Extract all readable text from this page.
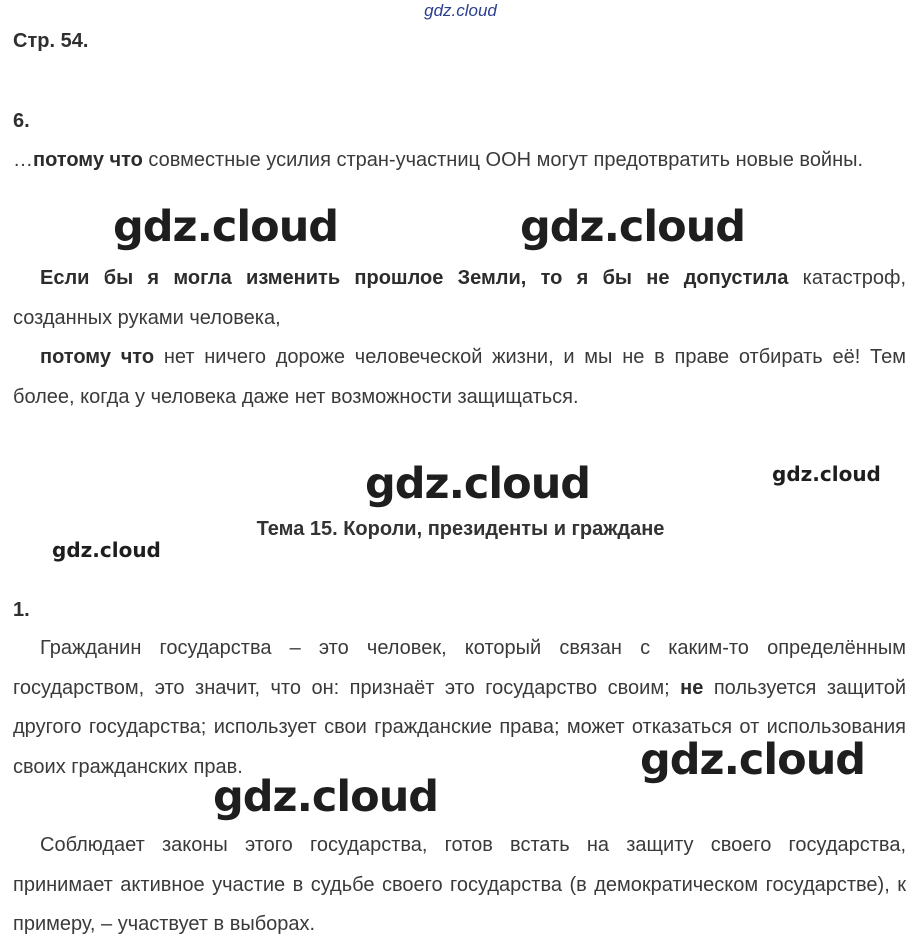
gdz.cloud
Стр. 54.
6.
…потому что совместные усилия стран-участниц ООН могут предотвратить новые войны.
Если бы я могла изменить прошлое Земли, то я бы не допустила катастроф, созданных руками человека,
потому что нет ничего дороже человеческой жизни, и мы не в праве отбирать её! Тем более, когда у человека даже нет возможности защищаться.
Тема 15. Короли, президенты и граждане
1.
Гражданин государства – это человек, который связан с каким-то определённым государством, это значит, что он: признаёт это государство своим; не пользуется защитой другого государства; использует свои гражданские права; может отказаться от использования своих гражданских прав.
Соблюдает законы этого государства, готов встать на защиту своего государства, принимает активное участие в судьбе своего государства (в демократическом государстве), к примеру, – участвует в выборах.
gdz.cloud	gdz.cloud
gdz.cloud	gdz.cloud
gdz.cloud
gdz.cloud
gdz.cloud
